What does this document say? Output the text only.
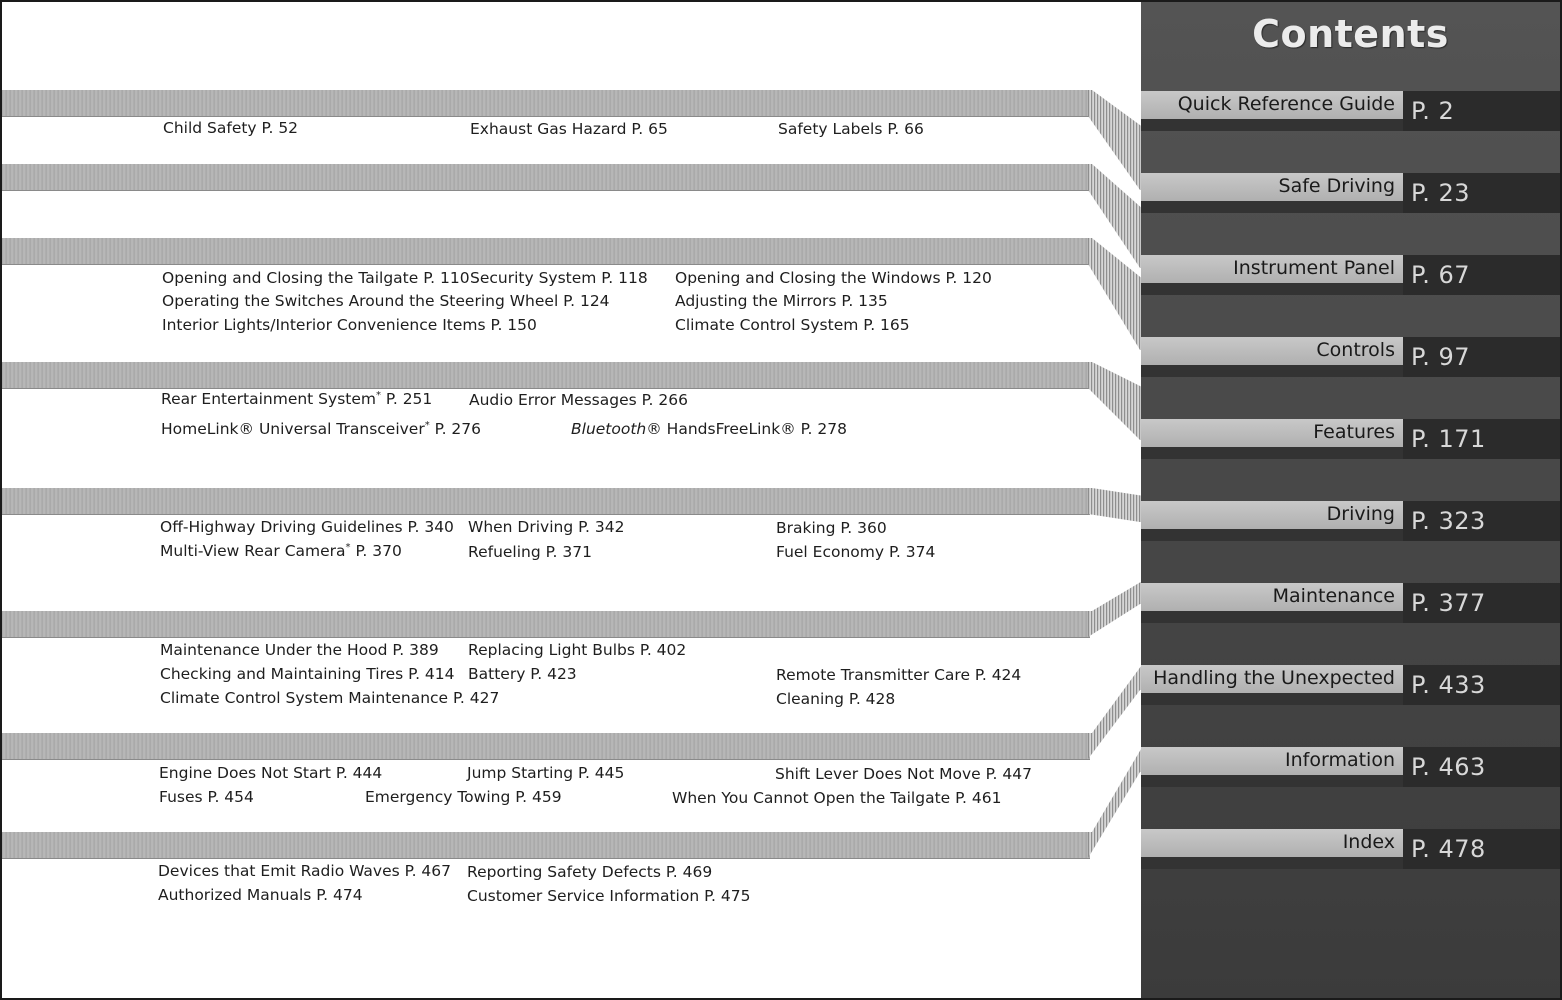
Child Safety P. 52	Exhaust Gas Hazard P. 65	Safety Labels P. 66
Opening and Closing the Tailgate P. 110 Security System P. 118 Opening and Closing the Windows P. 120
Operating the Switches Around the Steering Wheel P. 124	Adjusting the Mirrors P. 135
Interior Lights/Interior Convenience Items P. 150	Climate Control System P. 165
Rear Entertainment System* P. 251 Audio Error Messages P. 266
HomeLink® Universal Transceiver* P. 276	Bluetooth® HandsFreeLink® P. 278
Off-Highway Driving Guidelines P. 340 When Driving P. 342	Braking P. 360
Multi-View Rear Camera* P. 370	Refueling P. 371	Fuel Economy P. 374
Maintenance Under the Hood P. 389 Replacing Light Bulbs P. 402
Checking and Maintaining Tires P. 414 Battery P. 423	Remote Transmitter Care P. 424
Climate Control System Maintenance P. 427	Cleaning P. 428
Engine Does Not Start P. 444	Jump Starting P. 445	Shift Lever Does Not Move P. 447
Fuses P. 454	Emergency Towing P. 459	When You Cannot Open the Tailgate P. 461
Devices that Emit Radio Waves P. 467 Reporting Safety Defects P. 469
Authorized Manuals P. 474	Customer Service Information P. 475
Contents
Quick Reference Guide P. 2
Safe Driving P. 23
Instrument Panel P. 67
Controls P. 97
Features P. 171
Driving P. 323
Maintenance P. 377
Handling the Unexpected P. 433
Information P. 463
Index P. 478
